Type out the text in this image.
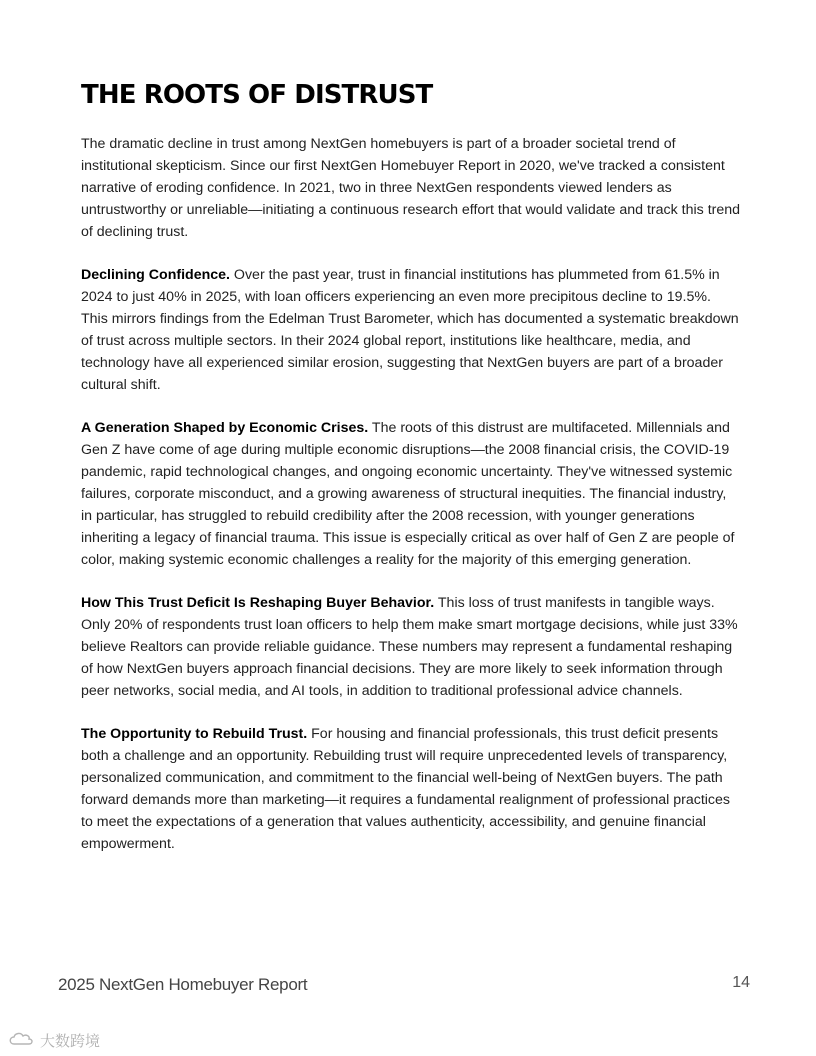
THE ROOTS OF DISTRUST

The dramatic decline in trust among NextGen homebuyers is part of a broader societal trend of institutional skepticism. Since our first NextGen Homebuyer Report in 2020, we've tracked a consistent narrative of eroding confidence. In 2021, two in three NextGen respondents viewed lenders as untrustworthy or unreliable—initiating a continuous research effort that would validate and track this trend of declining trust.

Declining Confidence. Over the past year, trust in financial institutions has plummeted from 61.5% in 2024 to just 40% in 2025, with loan officers experiencing an even more precipitous decline to 19.5%. This mirrors findings from the Edelman Trust Barometer, which has documented a systematic breakdown of trust across multiple sectors. In their 2024 global report, institutions like healthcare, media, and technology have all experienced similar erosion, suggesting that NextGen buyers are part of a broader cultural shift.

A Generation Shaped by Economic Crises. The roots of this distrust are multifaceted. Millennials and Gen Z have come of age during multiple economic disruptions—the 2008 financial crisis, the COVID-19 pandemic, rapid technological changes, and ongoing economic uncertainty. They've witnessed systemic failures, corporate misconduct, and a growing awareness of structural inequities. The financial industry, in particular, has struggled to rebuild credibility after the 2008 recession, with younger generations inheriting a legacy of financial trauma. This issue is especially critical as over half of Gen Z are people of color, making systemic economic challenges a reality for the majority of this emerging generation.

How This Trust Deficit Is Reshaping Buyer Behavior. This loss of trust manifests in tangible ways. Only 20% of respondents trust loan officers to help them make smart mortgage decisions, while just 33% believe Realtors can provide reliable guidance. These numbers may represent a fundamental reshaping of how NextGen buyers approach financial decisions. They are more likely to seek information through peer networks, social media, and AI tools, in addition to traditional professional advice channels.

The Opportunity to Rebuild Trust. For housing and financial professionals, this trust deficit presents both a challenge and an opportunity. Rebuilding trust will require unprecedented levels of transparency, personalized communication, and commitment to the financial well-being of NextGen buyers. The path forward demands more than marketing—it requires a fundamental realignment of professional practices to meet the expectations of a generation that values authenticity, accessibility, and genuine financial empowerment.

2025 NextGen Homebuyer Report	14
大数跨境
